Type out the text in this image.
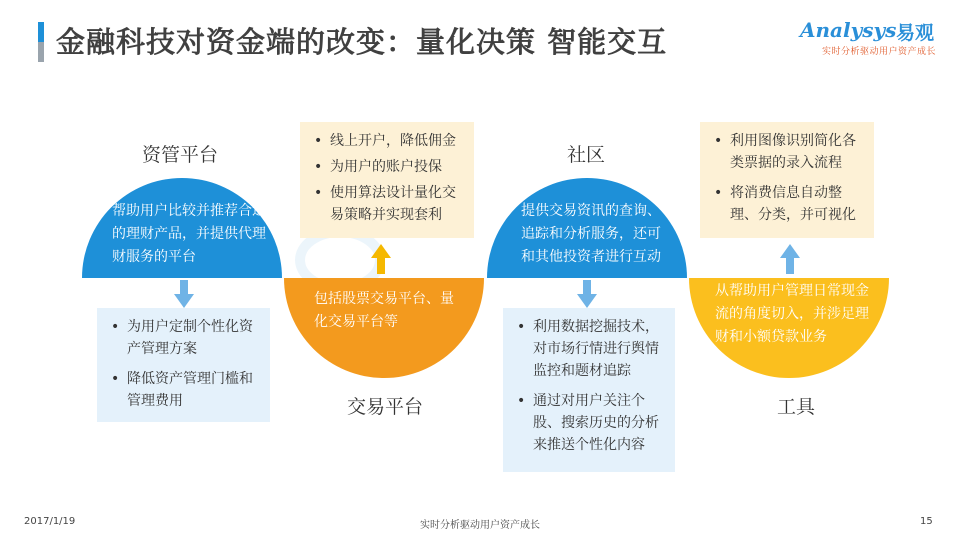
金融科技对资金端的改变：量化决策 智能交互	Analysys 易观
实时分析驱动用户资产成长
资管平台
帮助用户比较并推荐合适的理财产品，并提供代理财服务的平台
• 为用户定制个性化资产管理方案
• 降低资产管理门槛和管理费用
• 线上开户，降低佣金
• 为用户的账户投保
• 使用算法设计量化交易策略并实现套利
包括股票交易平台、量化交易平台等
交易平台
社区
提供交易资讯的查询、追踪和分析服务，还可和其他投资者进行互动
• 利用数据挖掘技术，对市场行情进行舆情监控和题材追踪
• 通过对用户关注个股、搜索历史的分析来推送个性化内容
• 利用图像识别简化各类票据的录入流程
• 将消费信息自动整理、分类，并可视化
从帮助用户管理日常现金流的角度切入，并涉足理财和小额贷款业务
工具
2017/1/19	实时分析驱动用户资产成长	15
